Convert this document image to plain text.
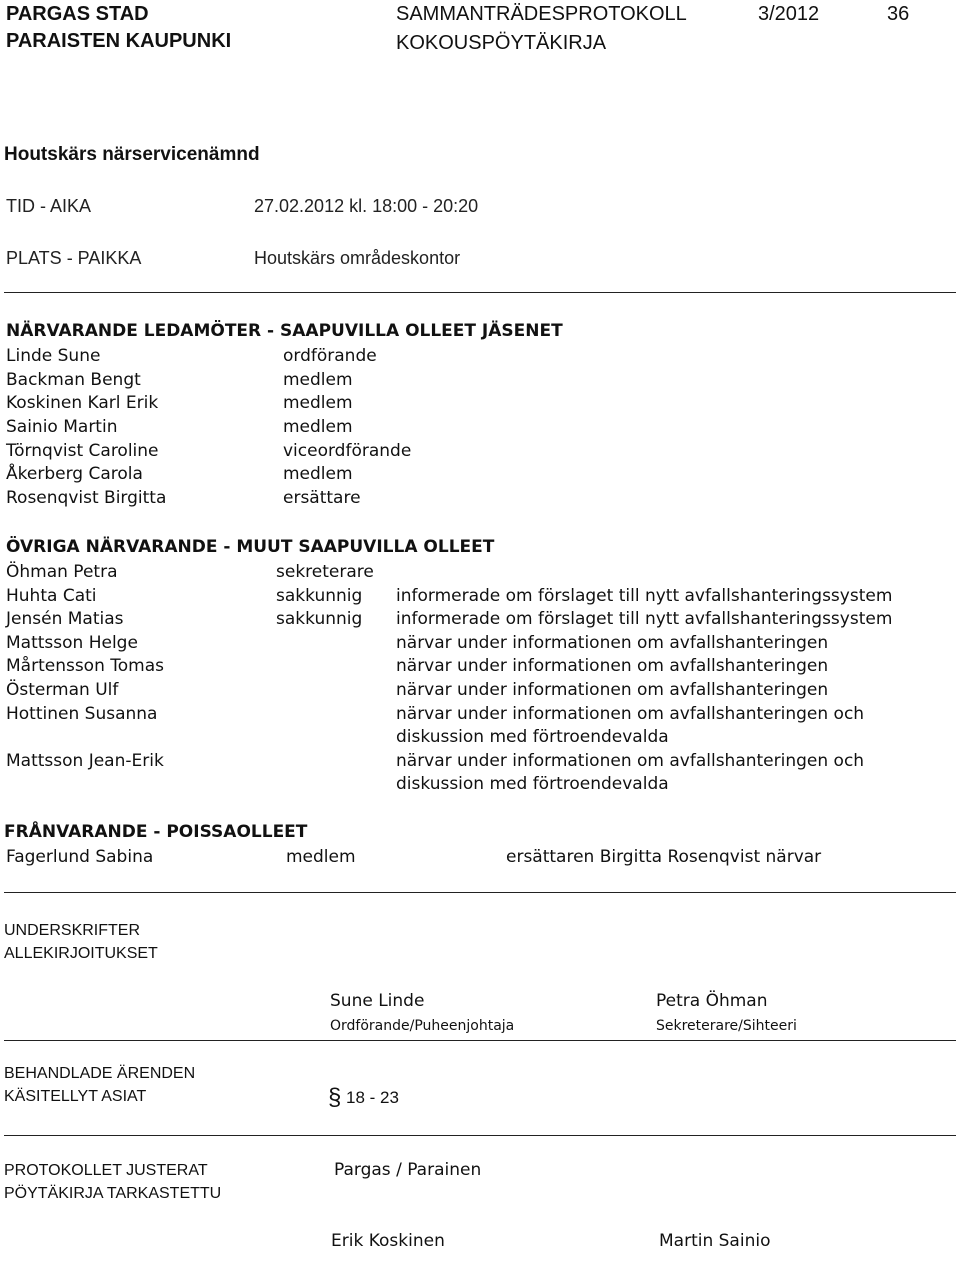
PARGAS STAD
PARAISTEN KAUPUNKI
SAMMANTRÄDESPROTOKOLL
KOKOUSPÖYTÄKIRJA
3/2012	36
Houtskärs närservicenämnd
TID - AIKA	27.02.2012 kl. 18:00 - 20:20
PLATS - PAIKKA	Houtskärs områdeskontor
NÄRVARANDE LEDAMÖTER - SAAPUVILLA OLLEET JÄSENET
Linde Sune	ordförande
Backman Bengt	medlem
Koskinen Karl Erik	medlem
Sainio Martin	medlem
Törnqvist Caroline	viceordförande
Åkerberg Carola	medlem
Rosenqvist Birgitta	ersättare
ÖVRIGA NÄRVARANDE - MUUT SAAPUVILLA OLLEET
Öhman Petra	sekreterare
Huhta Cati	sakkunnig informerade om förslaget till nytt avfallshanteringssystem
Jensén Matias	sakkunnig informerade om förslaget till nytt avfallshanteringssystem
Mattsson Helge	närvar under informationen om avfallshanteringen
Mårtensson Tomas	närvar under informationen om avfallshanteringen
Österman Ulf	närvar under informationen om avfallshanteringen
Hottinen Susanna	närvar under informationen om avfallshanteringen och
diskussion med förtroendevalda
Mattsson Jean-Erik	närvar under informationen om avfallshanteringen och
diskussion med förtroendevalda
FRÅNVARANDE - POISSAOLLEET
Fagerlund Sabina	medlem	ersättaren Birgitta Rosenqvist närvar
UNDERSKRIFTER
ALLEKIRJOITUKSET
Sune Linde
Ordförande/Puheenjohtaja
Petra Öhman
Sekreterare/Sihteeri
BEHANDLADE ÄRENDEN
KÄSITELLYT ASIAT	§ 18 - 23
PROTOKOLLET JUSTERAT
PÖYTÄKIRJA TARKASTETTU
Pargas / Parainen
Erik Koskinen	Martin Sainio
